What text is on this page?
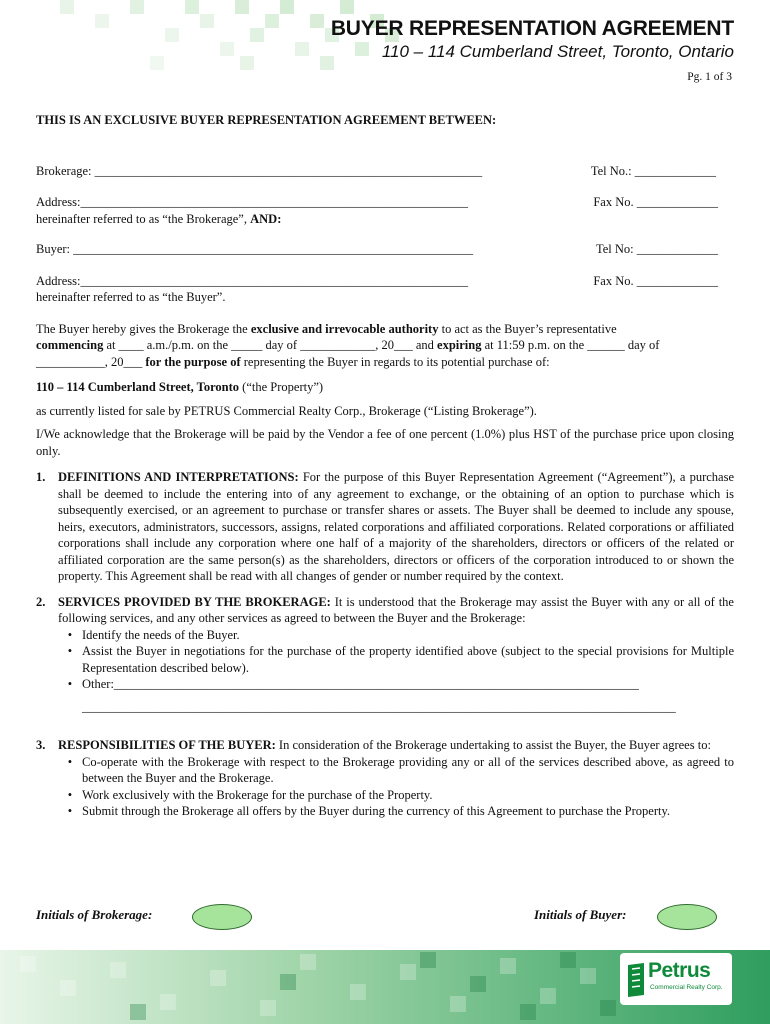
BUYER REPRESENTATION AGREEMENT
110 – 114 Cumberland Street, Toronto, Ontario
Pg. 1 of 3

THIS IS AN EXCLUSIVE BUYER REPRESENTATION AGREEMENT BETWEEN:

Brokerage: ______________________________________________________________	Tel No.: _____________
Address:______________________________________________________________	Fax No. _____________

hereinafter referred to as “the Brokerage”, AND:

Buyer: ________________________________________________________________	Tel No: _____________
Address:______________________________________________________________	Fax No. _____________

hereinafter referred to as “the Buyer”.

The Buyer hereby gives the Brokerage the exclusive and irrevocable authority to act as the Buyer’s representative
commencing at ____ a.m./p.m. on the _____ day of ____________, 20___ and expiring at 11:59 p.m. on the ______ day of
___________, 20___ for the purpose of representing the Buyer in regards to its potential purchase of:

110 – 114 Cumberland Street, Toronto (“the Property”)

as currently listed for sale by PETRUS Commercial Realty Corp., Brokerage (“Listing Brokerage”).

I/We acknowledge that the Brokerage will be paid by the Vendor a fee of one percent (1.0%) plus HST of the purchase price upon closing only.

1.	DEFINITIONS AND INTERPRETATIONS: For the purpose of this Buyer Representation Agreement (“Agreement”), a purchase shall be deemed to include the entering into of any agreement to exchange, or the obtaining of an option to purchase which is subsequently exercised, or an agreement to purchase or transfer shares or assets. The Buyer shall be deemed to include any spouse, heirs, executors, administrators, successors, assigns, related corporations and affiliated corporations. Related corporations or affiliated corporations shall include any corporation where one half of a majority of the shareholders, directors or officers of the related or affiliated corporation are the same person(s) as the shareholders, directors or officers of the corporation introduced to or shown the property. This Agreement shall be read with all changes of gender or number required by the context.
2.	SERVICES PROVIDED BY THE BROKERAGE: It is understood that the Brokerage may assist the Buyer with any or all of the following services, and any other services as agreed to between the Buyer and the Brokerage:
• Identify the needs of the Buyer.
• Assist the Buyer in negotiations for the purchase of the property identified above (subject to the special provisions for Multiple Representation described below).
• Other:____________________________________________________________________________________
_______________________________________________________________________________________________
3.	RESPONSIBILITIES OF THE BUYER: In consideration of the Brokerage undertaking to assist the Buyer, the Buyer agrees to:
• Co-operate with the Brokerage with respect to the Brokerage providing any or all of the services described above, as agreed to between the Buyer and the Brokerage.
• Work exclusively with the Brokerage for the purchase of the Property.
• Submit through the Brokerage all offers by the Buyer during the currency of this Agreement to purchase the Property.
Initials of Brokerage:	Initials of Buyer:
Petrus
Commercial Realty Corp.
